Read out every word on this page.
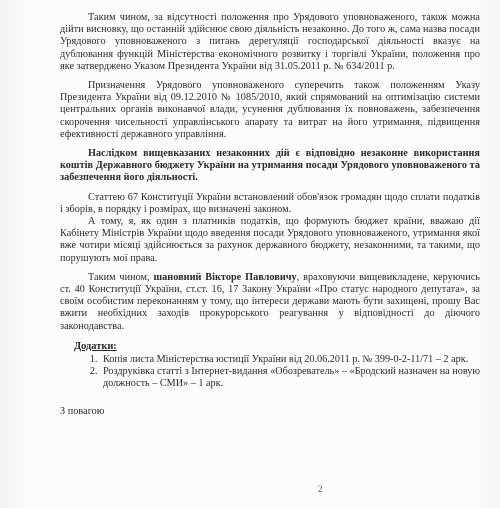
Таким чином, за відсутності положення про Урядового уповноваженого, також можна дійти висновку, що останній здійснює свою діяльність незаконно. До того ж, сама назва посади Урядового уповноваженого з питань дерегуляції господарської діяльності вказує на дублювання функцій Міністерства економічного розвитку і торгівлі України, положення про яке затверджено Указом Президента України від 31.05.2011 р. № 634/2011 р.

Призначення Урядового уповноваженого суперечить також положенням Указу Президента України від 09.12.2010 № 1085/2010, який спрямований на оптимізацію системи центральних органів виконавчої влади, усунення дублювання їх повноважень, забезпечення скорочення чисельності управлінського апарату та витрат на його утримання, підвищення ефективності державного управління.

Наслідком вищевказаних незаконних дій є відповідно незаконне використання коштів Державного бюджету України на утримання посади Урядового уповноваженого та забезпечення його діяльності.

Статтею 67 Конституції України встановлений обов'язок громадян щодо сплати податків і зборів, в порядку і розмірах, що визначені законом.

А тому, я, як один з платників податків, що формують бюджет країни, вважаю дії Кабінету Міністрів України щодо введення посади Урядового уповноваженого, утримання якої вже чотири місяці здійснюється за рахунок державного бюджету, незаконними, та такими, що порушують мої права.

Таким чином, шановний Вікторе Павловичу, враховуючи вищевикладене, керуючись ст. 40 Конституції України, ст.ст. 16, 17 Закону України «Про статус народного депутата», за своїм особистим переконанням у тому, що інтереси держави мають бути захищені, прошу Вас вжити необхідних заходів прокурорського реагування у відповідності до діючого законодавства.

Додатки:
1. Копія листа Міністерства юстиції України від 20.06.2011 р. № 399-0-2-11/71 – 2 арк.
2. Роздруківка статті з Інтернет-видання «Обозреватель» – «Бродский назначен на новую должность – СМИ» – 1 арк.

З повагою

2
